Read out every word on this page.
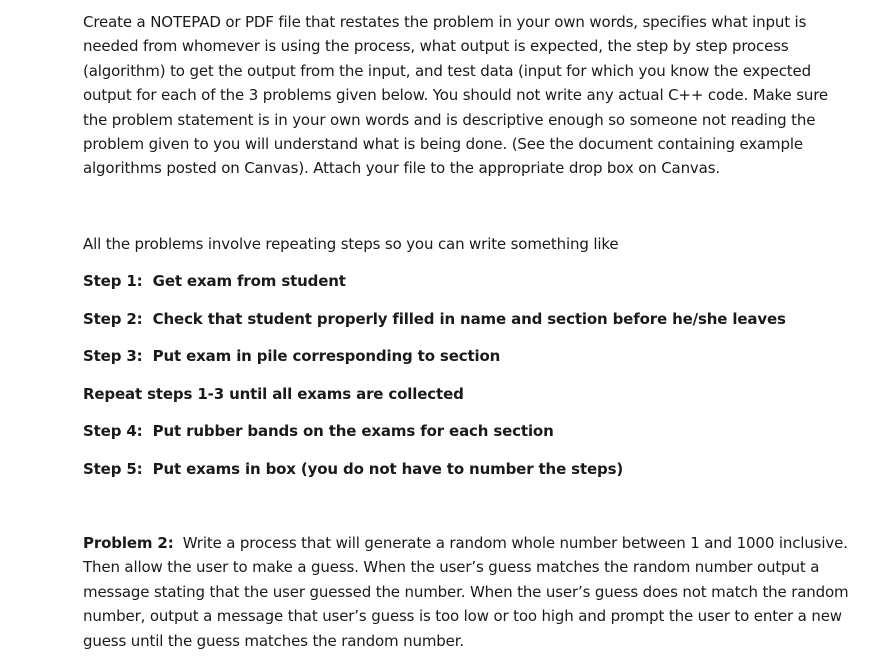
Create a NOTEPAD or PDF file that restates the problem in your own words, specifies what input is needed from whomever is using the process, what output is expected, the step by step process (algorithm) to get the output from the input, and test data (input for which you know the expected output for each of the 3 problems given below. You should not write any actual C++ code. Make sure the problem statement is in your own words and is descriptive enough so someone not reading the problem given to you will understand what is being done. (See the document containing example algorithms posted on Canvas). Attach your file to the appropriate drop box on Canvas.

All the problems involve repeating steps so you can write something like

Step 1: Get exam from student

Step 2: Check that student properly filled in name and section before he/she leaves

Step 3: Put exam in pile corresponding to section

Repeat steps 1-3 until all exams are collected

Step 4: Put rubber bands on the exams for each section

Step 5: Put exams in box (you do not have to number the steps)

Problem 2: Write a process that will generate a random whole number between 1 and 1000 inclusive. Then allow the user to make a guess. When the user’s guess matches the random number output a message stating that the user guessed the number. When the user’s guess does not match the random number, output a message that user’s guess is too low or too high and prompt the user to enter a new guess until the guess matches the random number.
